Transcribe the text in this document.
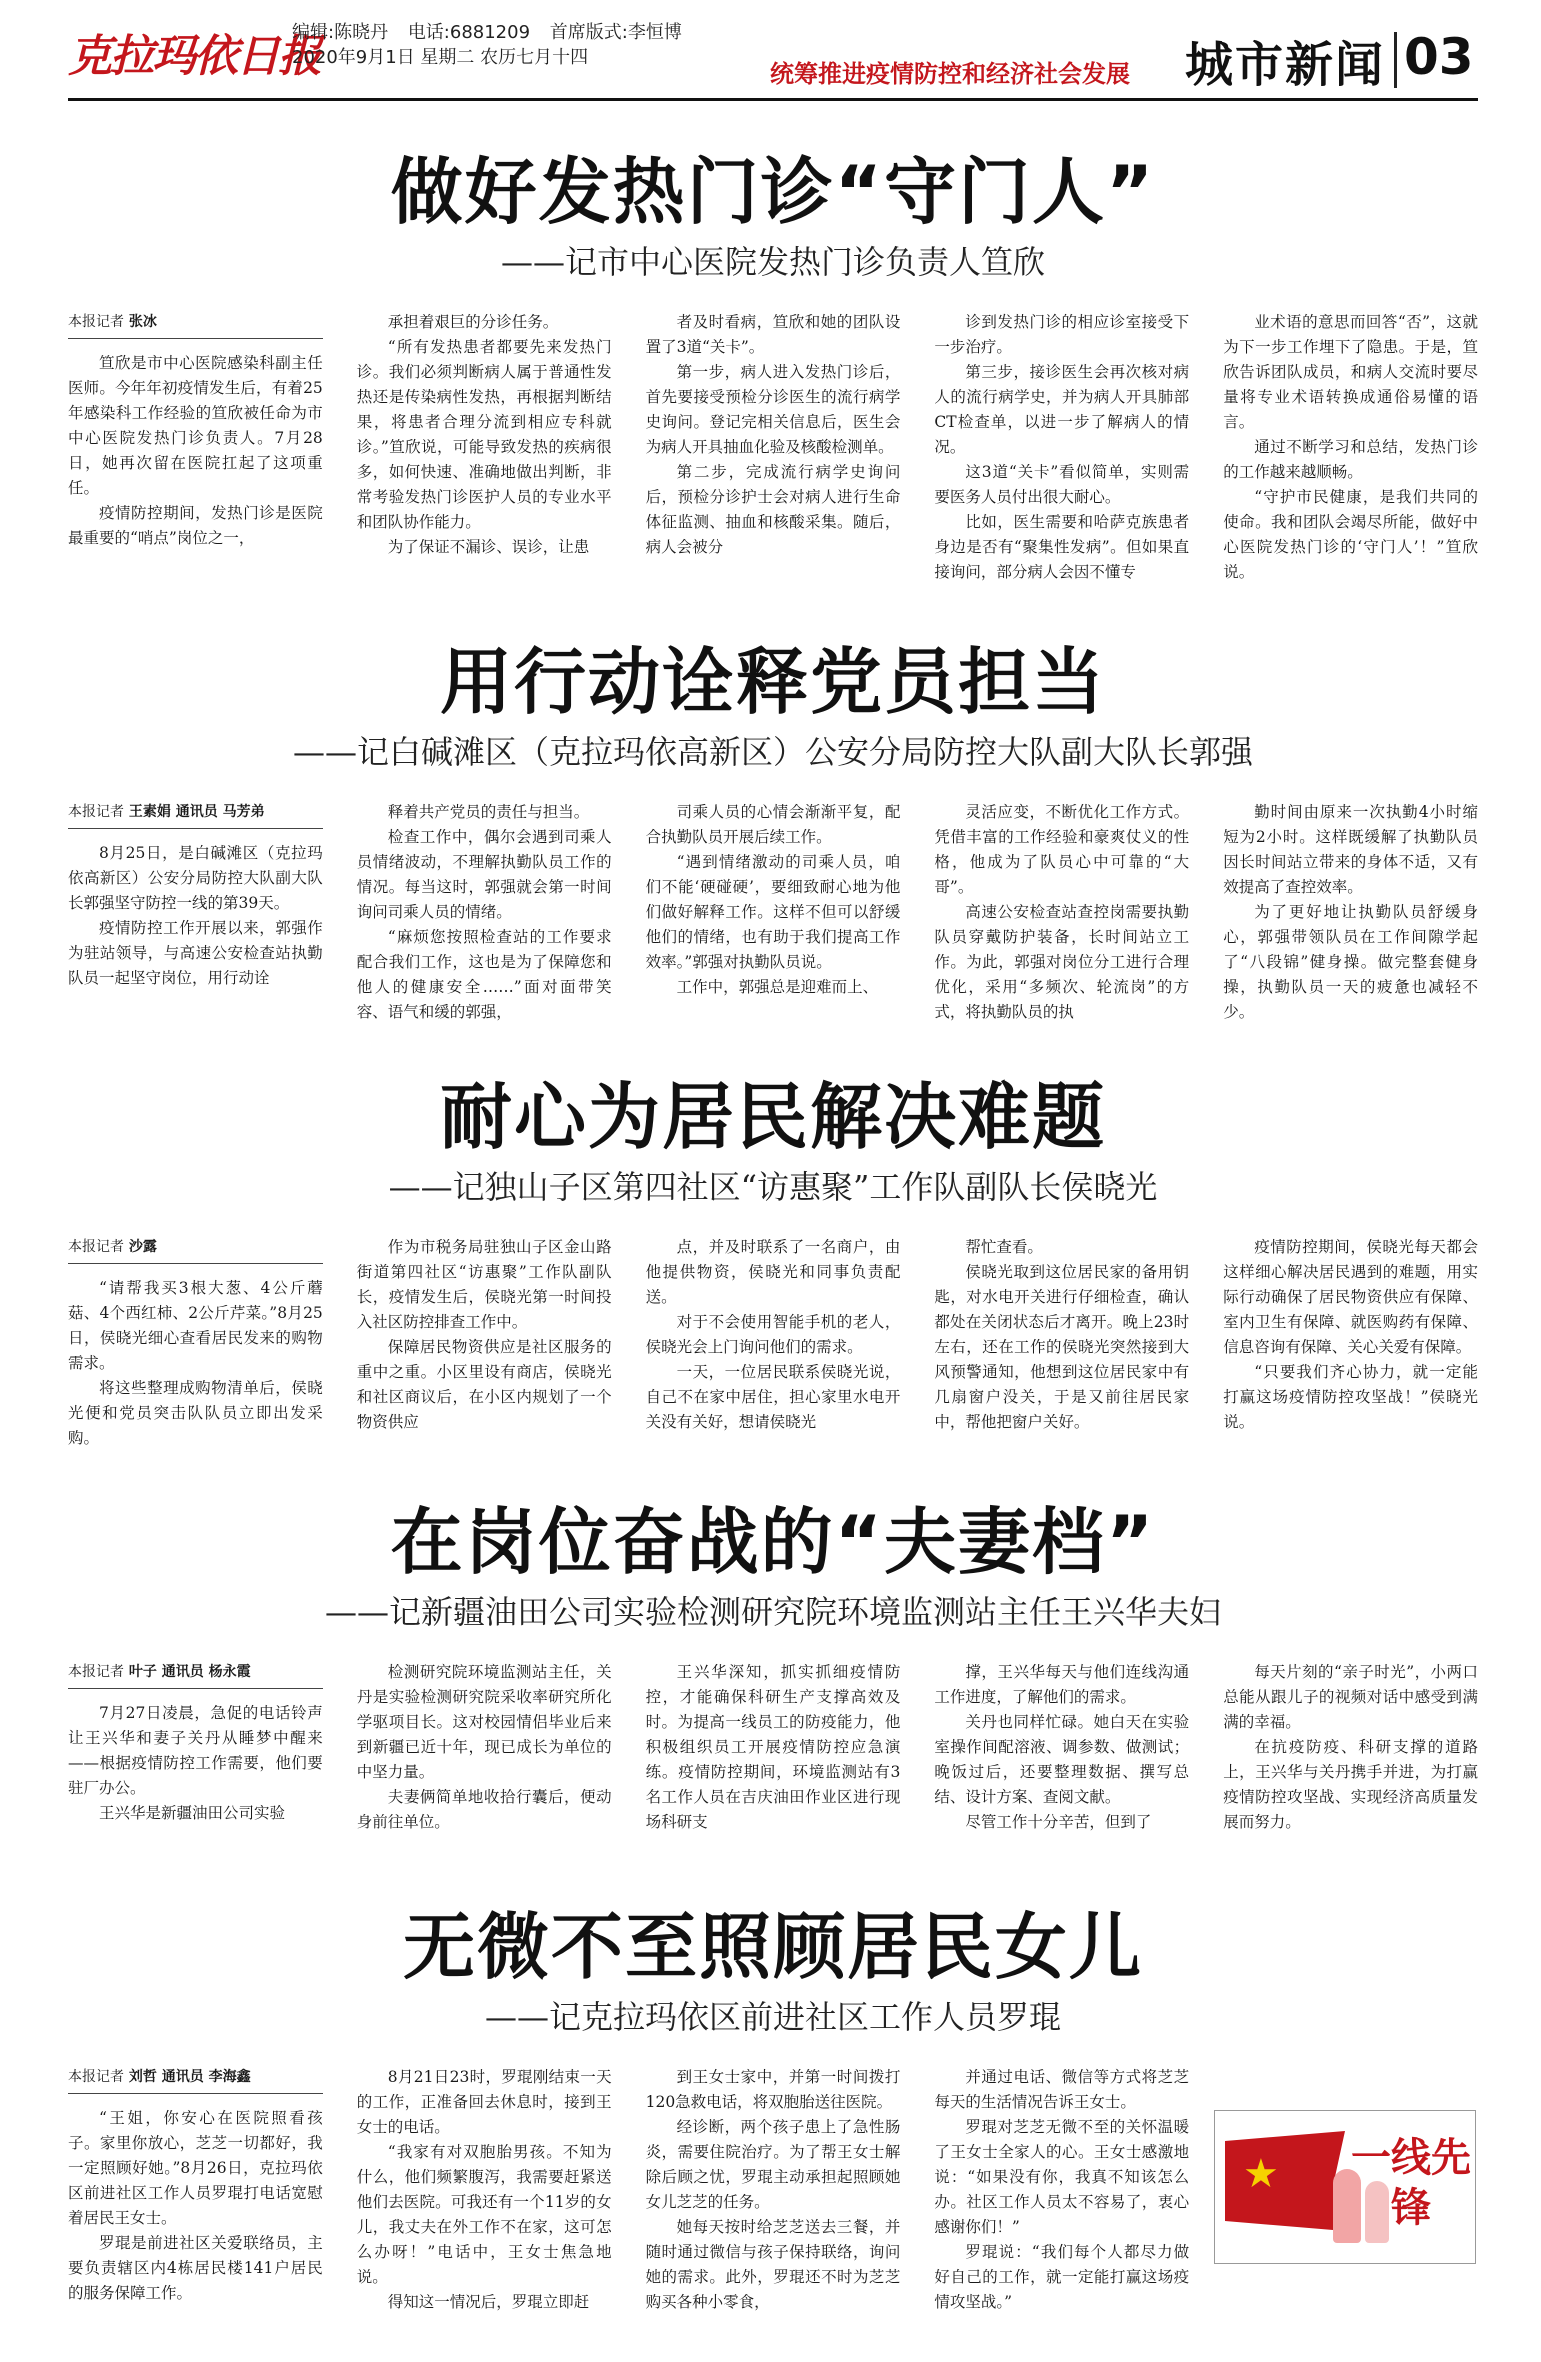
克拉玛依日报
编辑:陈晓丹 电话:6881209 首席版式:李恒博
2020年9月1日 星期二 农历七月十四
统筹推进疫情防控和经济社会发展 城市新闻 03
做好发热门诊“守门人”
——记市中心医院发热门诊负责人笪欣

本报记者 张冰

笪欣是市中心医院感染科副主任医师。今年年初疫情发生后，有着25年感染科工作经验的笪欣被任命为市中心医院发热门诊负责人。7月28日，她再次留在医院扛起了这项重任。

疫情防控期间，发热门诊是医院最重要的“哨点”岗位之一，

承担着艰巨的分诊任务。

“所有发热患者都要先来发热门诊。我们必须判断病人属于普通性发热还是传染病性发热，再根据判断结果，将患者合理分流到相应专科就诊。”笪欣说，可能导致发热的疾病很多，如何快速、准确地做出判断，非常考验发热门诊医护人员的专业水平和团队协作能力。

为了保证不漏诊、误诊，让患

者及时看病，笪欣和她的团队设置了3道“关卡”。

第一步，病人进入发热门诊后，首先要接受预检分诊医生的流行病学史询问。登记完相关信息后，医生会为病人开具抽血化验及核酸检测单。

第二步，完成流行病学史询问后，预检分诊护士会对病人进行生命体征监测、抽血和核酸采集。随后，病人会被分

诊到发热门诊的相应诊室接受下一步治疗。

第三步，接诊医生会再次核对病人的流行病学史，并为病人开具肺部CT检查单，以进一步了解病人的情况。

这3道“关卡”看似简单，实则需要医务人员付出很大耐心。

比如，医生需要和哈萨克族患者身边是否有“聚集性发病”。但如果直接询问，部分病人会因不懂专

业术语的意思而回答“否”，这就为下一步工作埋下了隐患。于是，笪欣告诉团队成员，和病人交流时要尽量将专业术语转换成通俗易懂的语言。

通过不断学习和总结，发热门诊的工作越来越顺畅。

“守护市民健康，是我们共同的使命。我和团队会竭尽所能，做好中心医院发热门诊的‘守门人’！”笪欣说。

用行动诠释党员担当
——记白碱滩区（克拉玛依高新区）公安分局防控大队副大队长郭强

本报记者 王素娟 通讯员 马芳弟

8月25日，是白碱滩区（克拉玛依高新区）公安分局防控大队副大队长郭强坚守防控一线的第39天。

疫情防控工作开展以来，郭强作为驻站领导，与高速公安检查站执勤队员一起坚守岗位，用行动诠

释着共产党员的责任与担当。

检查工作中，偶尔会遇到司乘人员情绪波动，不理解执勤队员工作的情况。每当这时，郭强就会第一时间询问司乘人员的情绪。

“麻烦您按照检查站的工作要求配合我们工作，这也是为了保障您和他人的健康安全……”面对面带笑容、语气和缓的郭强，

司乘人员的心情会渐渐平复，配合执勤队员开展后续工作。

“遇到情绪激动的司乘人员，咱们不能‘硬碰硬’，要细致耐心地为他们做好解释工作。这样不但可以舒缓他们的情绪，也有助于我们提高工作效率。”郭强对执勤队员说。

工作中，郭强总是迎难而上、

灵活应变，不断优化工作方式。凭借丰富的工作经验和豪爽仗义的性格，他成为了队员心中可靠的“大哥”。

高速公安检查站查控岗需要执勤队员穿戴防护装备，长时间站立工作。为此，郭强对岗位分工进行合理优化，采用“多频次、轮流岗”的方式，将执勤队员的执

勤时间由原来一次执勤4小时缩短为2小时。这样既缓解了执勤队员因长时间站立带来的身体不适，又有效提高了查控效率。

为了更好地让执勤队员舒缓身心，郭强带领队员在工作间隙学起了“八段锦”健身操。做完整套健身操，执勤队员一天的疲惫也减轻不少。

耐心为居民解决难题
——记独山子区第四社区“访惠聚”工作队副队长侯晓光

本报记者 沙露

“请帮我买3根大葱、4公斤蘑菇、4个西红柿、2公斤芹菜。”8月25日，侯晓光细心查看居民发来的购物需求。

将这些整理成购物清单后，侯晓光便和党员突击队队员立即出发采购。

作为市税务局驻独山子区金山路街道第四社区“访惠聚”工作队副队长，疫情发生后，侯晓光第一时间投入社区防控排查工作中。

保障居民物资供应是社区服务的重中之重。小区里设有商店，侯晓光和社区商议后，在小区内规划了一个物资供应

点，并及时联系了一名商户，由他提供物资，侯晓光和同事负责配送。

对于不会使用智能手机的老人，侯晓光会上门询问他们的需求。

一天，一位居民联系侯晓光说，自己不在家中居住，担心家里水电开关没有关好，想请侯晓光

帮忙查看。

侯晓光取到这位居民家的备用钥匙，对水电开关进行仔细检查，确认都处在关闭状态后才离开。晚上23时左右，还在工作的侯晓光突然接到大风预警通知，他想到这位居民家中有几扇窗户没关，于是又前往居民家中，帮他把窗户关好。

疫情防控期间，侯晓光每天都会这样细心解决居民遇到的难题，用实际行动确保了居民物资供应有保障、室内卫生有保障、就医购药有保障、信息咨询有保障、关心关爱有保障。

“只要我们齐心协力，就一定能打赢这场疫情防控攻坚战！”侯晓光说。

在岗位奋战的“夫妻档”
——记新疆油田公司实验检测研究院环境监测站主任王兴华夫妇

本报记者 叶子 通讯员 杨永霞

7月27日凌晨，急促的电话铃声让王兴华和妻子关丹从睡梦中醒来——根据疫情防控工作需要，他们要驻厂办公。

王兴华是新疆油田公司实验

检测研究院环境监测站主任，关丹是实验检测研究院采收率研究所化学驱项目长。这对校园情侣毕业后来到新疆已近十年，现已成长为单位的中坚力量。

夫妻俩简单地收拾行囊后，便动身前往单位。

王兴华深知，抓实抓细疫情防控，才能确保科研生产支撑高效及时。为提高一线员工的防疫能力，他积极组织员工开展疫情防控应急演练。疫情防控期间，环境监测站有3名工作人员在吉庆油田作业区进行现场科研支

撑，王兴华每天与他们连线沟通工作进度，了解他们的需求。

关丹也同样忙碌。她白天在实验室操作间配溶液、调参数、做测试；晚饭过后，还要整理数据、撰写总结、设计方案、查阅文献。

尽管工作十分辛苦，但到了

每天片刻的“亲子时光”，小两口总能从跟儿子的视频对话中感受到满满的幸福。

在抗疫防疫、科研支撑的道路上，王兴华与关丹携手并进，为打赢疫情防控攻坚战、实现经济高质量发展而努力。

无微不至照顾居民女儿
——记克拉玛依区前进社区工作人员罗琨

本报记者 刘哲 通讯员 李海鑫

“王姐，你安心在医院照看孩子。家里你放心，芝芝一切都好，我一定照顾好她。”8月26日，克拉玛依区前进社区工作人员罗琨打电话宽慰着居民王女士。

罗琨是前进社区关爱联络员，主要负责辖区内4栋居民楼141户居民的服务保障工作。

8月21日23时，罗琨刚结束一天的工作，正准备回去休息时，接到王女士的电话。

“我家有对双胞胎男孩。不知为什么，他们频繁腹泻，我需要赶紧送他们去医院。可我还有一个11岁的女儿，我丈夫在外工作不在家，这可怎么办呀！”电话中，王女士焦急地说。

得知这一情况后，罗琨立即赶

到王女士家中，并第一时间拨打120急救电话，将双胞胎送往医院。

经诊断，两个孩子患上了急性肠炎，需要住院治疗。为了帮王女士解除后顾之忧，罗琨主动承担起照顾她女儿芝芝的任务。

她每天按时给芝芝送去三餐，并随时通过微信与孩子保持联络，询问她的需求。此外，罗琨还不时为芝芝购买各种小零食，

并通过电话、微信等方式将芝芝每天的生活情况告诉王女士。

罗琨对芝芝无微不至的关怀温暖了王女士全家人的心。王女士感激地说：“如果没有你，我真不知该怎么办。社区工作人员太不容易了，衷心感谢你们！”

罗琨说：“我们每个人都尽力做好自己的工作，就一定能打赢这场疫情攻坚战。”

★ 一线先锋
